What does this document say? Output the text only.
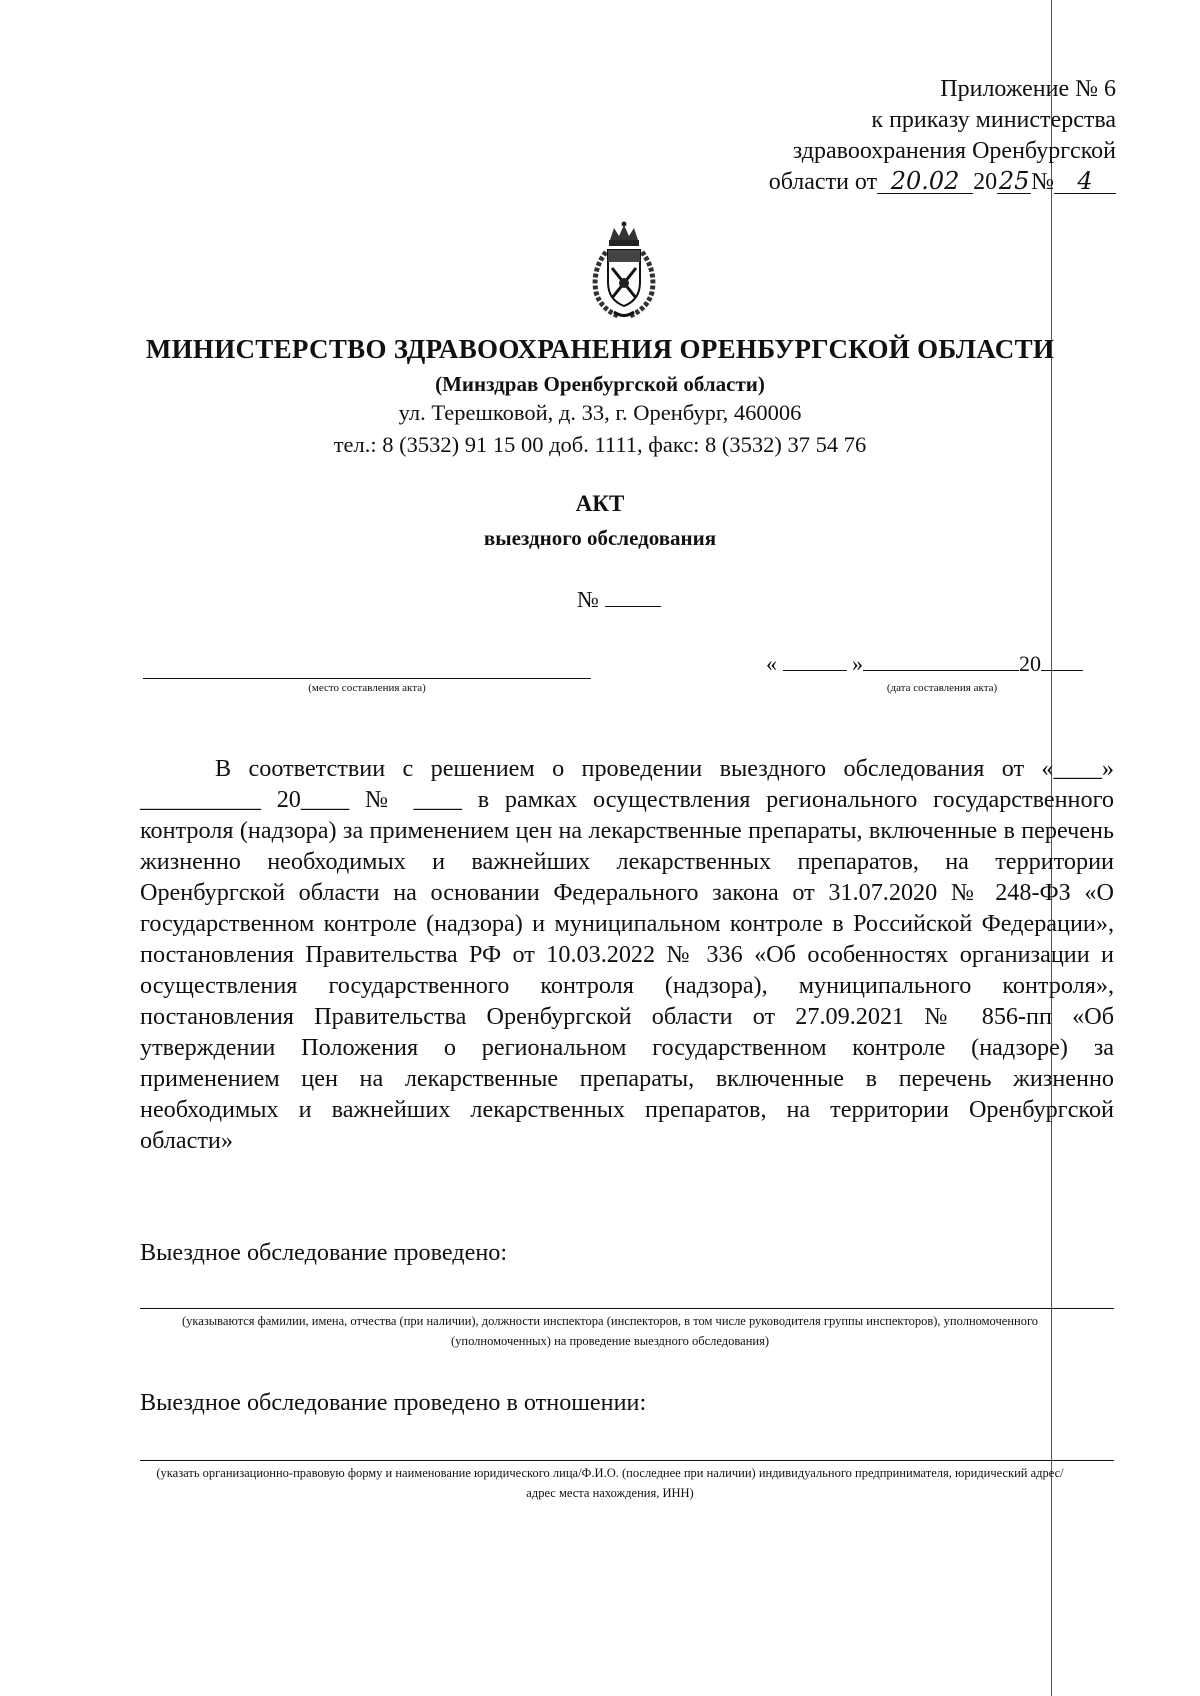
Приложение № 6
к приказу министерства
здравоохранения Оренбургской
области от 20.02 2025№ 4
МИНИСТЕРСТВО ЗДРАВООХРАНЕНИЯ ОРЕНБУРГСКОЙ ОБЛАСТИ
(Минздрав Оренбургской области)
ул. Терешковой, д. 33, г. Оренбург, 460006
тел.: 8 (3532) 91 15 00 доб. 1111, факс: 8 (3532) 37 54 76
АКТ
выездного обследования
№
(место составления акта)
«	»	20
(дата составления акта)

В соответствии с решением о проведении выездного обследования от «____» __________ 20____ № ____ в рамках осуществления регионального государственного контроля (надзора) за применением цен на лекарственные препараты, включенные в перечень жизненно необходимых и важнейших лекарственных препаратов, на территории Оренбургской области на основании Федерального закона от 31.07.2020 № 248-ФЗ «О государственном контроле (надзора) и муниципальном контроле в Российской Федерации», постановления Правительства РФ от 10.03.2022 № 336 «Об особенностях организации и осуществления государственного контроля (надзора), муниципального контроля», постановления Правительства Оренбургской области от 27.09.2021 № 856-пп «Об утверждении Положения о региональном государственном контроле (надзоре) за применением цен на лекарственные препараты, включенные в перечень жизненно необходимых и важнейших лекарственных препаратов, на территории Оренбургской области»

Выездное обследование проведено:
(указываются фамилии, имена, отчества (при наличии), должности инспектора (инспекторов, в том числе руководителя группы инспекторов), уполномоченного (уполномоченных) на проведение выездного обследования)
Выездное обследование проведено в отношении:
(указать организационно-правовую форму и наименование юридического лица/Ф.И.О. (последнее при наличии) индивидуального предпринимателя, юридический адрес/адрес места нахождения, ИНН)
